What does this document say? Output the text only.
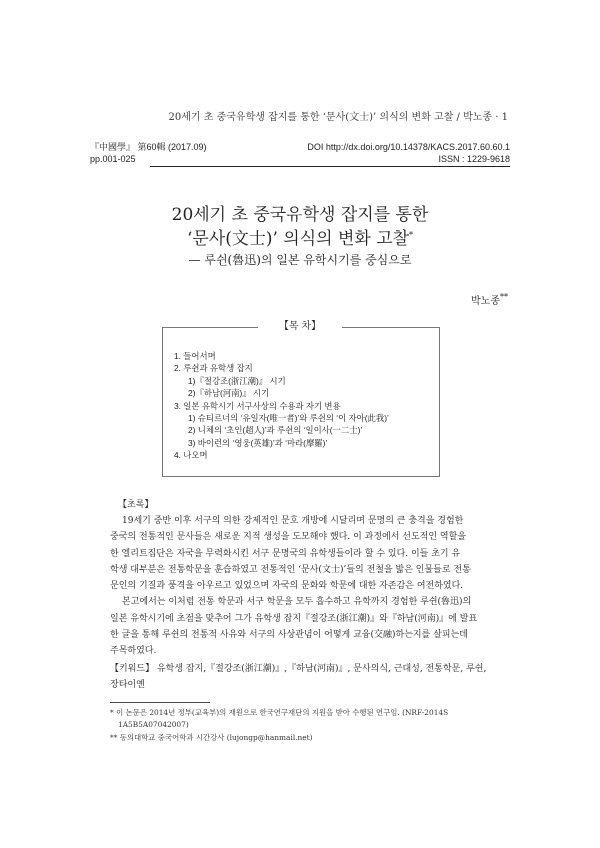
20세기 초 중국유학생 잡지를 통한 ‘문사(文士)’ 의식의 변화 고찰 / 박노종 · 1
『中國學』 第60輯 (2017.09)	DOI http://dx.doi.org/10.14378/KACS.2017.60.60.1
pp.001-025	ISSN : 1229-9618
20세기 초 중국유학생 잡지를 통한
‘문사(文士)’ 의식의 변화 고찰*
— 루쉰(魯迅)의 일본 유학시기를 중심으로
박노종**
【목 차】
1. 들어서며
2. 루쉰과 유학생 잡지
1)『절강조(浙江潮)』 시기
2)『하남(河南)』 시기
3. 일본 유학시기 서구사상의 수용과 자기 변용
1) 슈티르너의 ‘유일자(唯一者)’와 루쉰의 ‘이 자아(此我)’
2) 니체의 ‘초인(超人)’과 루쉰의 ‘일이사(一二士)’
3) 바이런의 ‘영웅(英雄)’과 ‘마라(摩羅)’
4. 나오며
【초록】
19세기 중반 이후 서구의 의한 강제적인 문호 개방에 시달리며 문명의 큰 충격을 경험한
중국의 전통적인 문사들은 새로운 지적 생성을 도모해야 했다. 이 과정에서 선도적인 역할을
한 엘리트집단은 자국을 무력화시킨 서구 문명국의 유학생들이라 할 수 있다. 이들 초기 유
학생 대부분은 전통학문을 훈습하였고 전통적인 ‘문사(文士)’들의 전철을 밟은 인물들로 전통
문인의 기질과 풍격을 아우르고 있었으며 자국의 문화와 학문에 대한 자존감은 여전하였다.
본고에서는 이처럼 전통 학문과 서구 학문을 모두 흡수하고 유학까지 경험한 루쉰(魯迅)의
일본 유학시기에 초점을 맞추어 그가 유학생 잡지『절강조(浙江潮)』와『하남(河南)』에 발표
한 글을 통해 루쉰의 전통적 사유와 서구의 사상관념이 어떻게 교융(交融)하는지를 살피는데
주목하였다.
【키워드】 유학생 잡지,『절강조(浙江潮)』,『하남(河南)』, 문사의식, 근대성, 전통학문, 루쉰,
장타이옌
* 이 논문은 2014년 정부(교육부)의 재원으로 한국연구재단의 지원을 받아 수행된 연구임. (NRF-2014S
1A5B5A07042007)
** 동의대학교 중국어학과 시간강사 (lujongp@hanmail.net)
